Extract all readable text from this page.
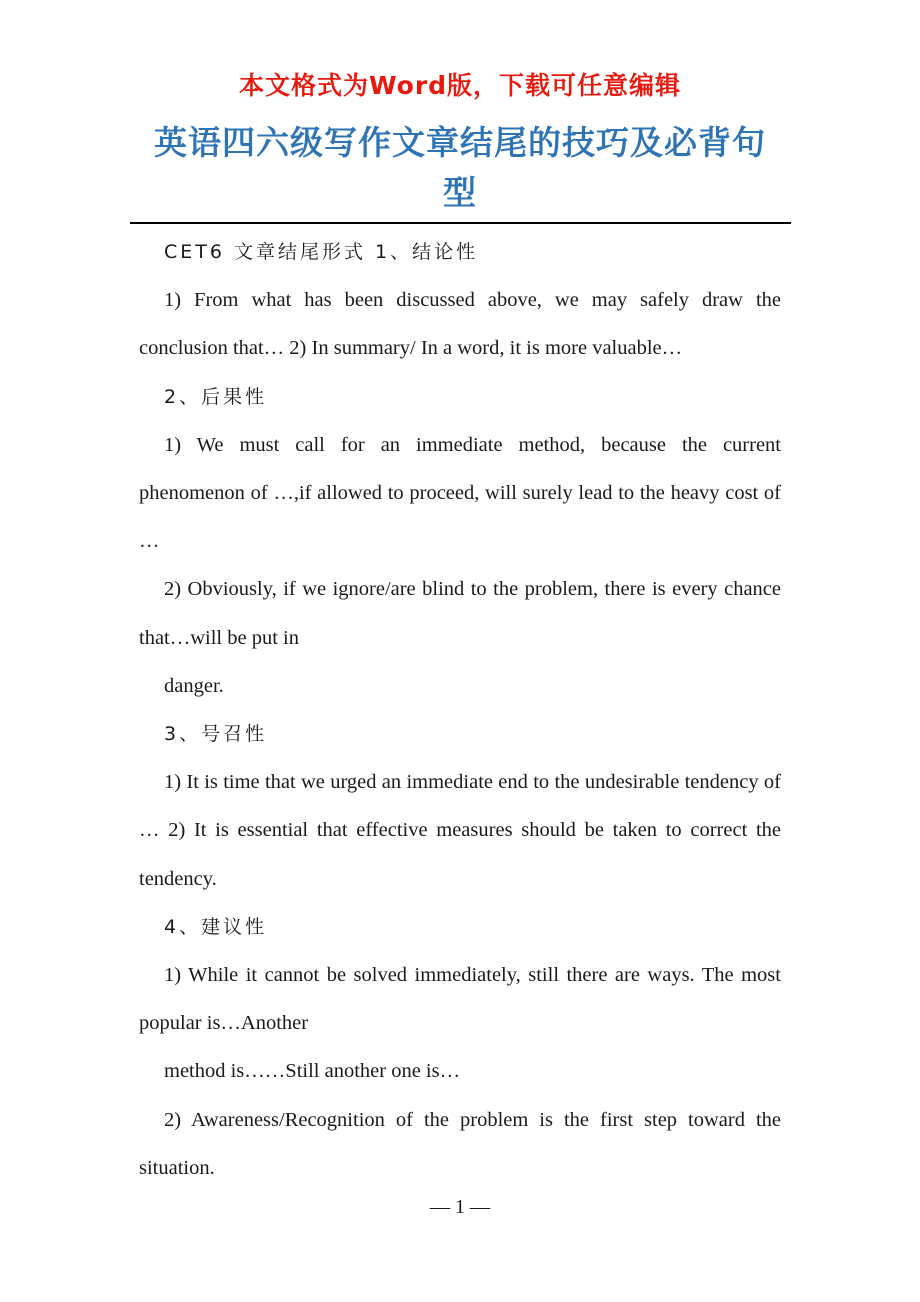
本文格式为Word版，下载可任意编辑
英语四六级写作文章结尾的技巧及必背句型

CET6 文章结尾形式 1、结论性

1) From what has been discussed above, we may safely draw the conclusion that… 2) In summary/ In a word, it is more valuable…

2、后果性

1) We must call for an immediate method, because the current phenomenon of …,if allowed to proceed, will surely lead to the heavy cost of …

2) Obviously, if we ignore/are blind to the problem, there is every chance that…will be put in

danger.

3、号召性

1) It is time that we urged an immediate end to the undesirable tendency of … 2) It is essential that effective measures should be taken to correct the tendency.

4、建议性

1) While it cannot be solved immediately, still there are ways. The most popular is…Another

method is……Still another one is…

2) Awareness/Recognition of the problem is the first step toward the situation.

— 1 —
